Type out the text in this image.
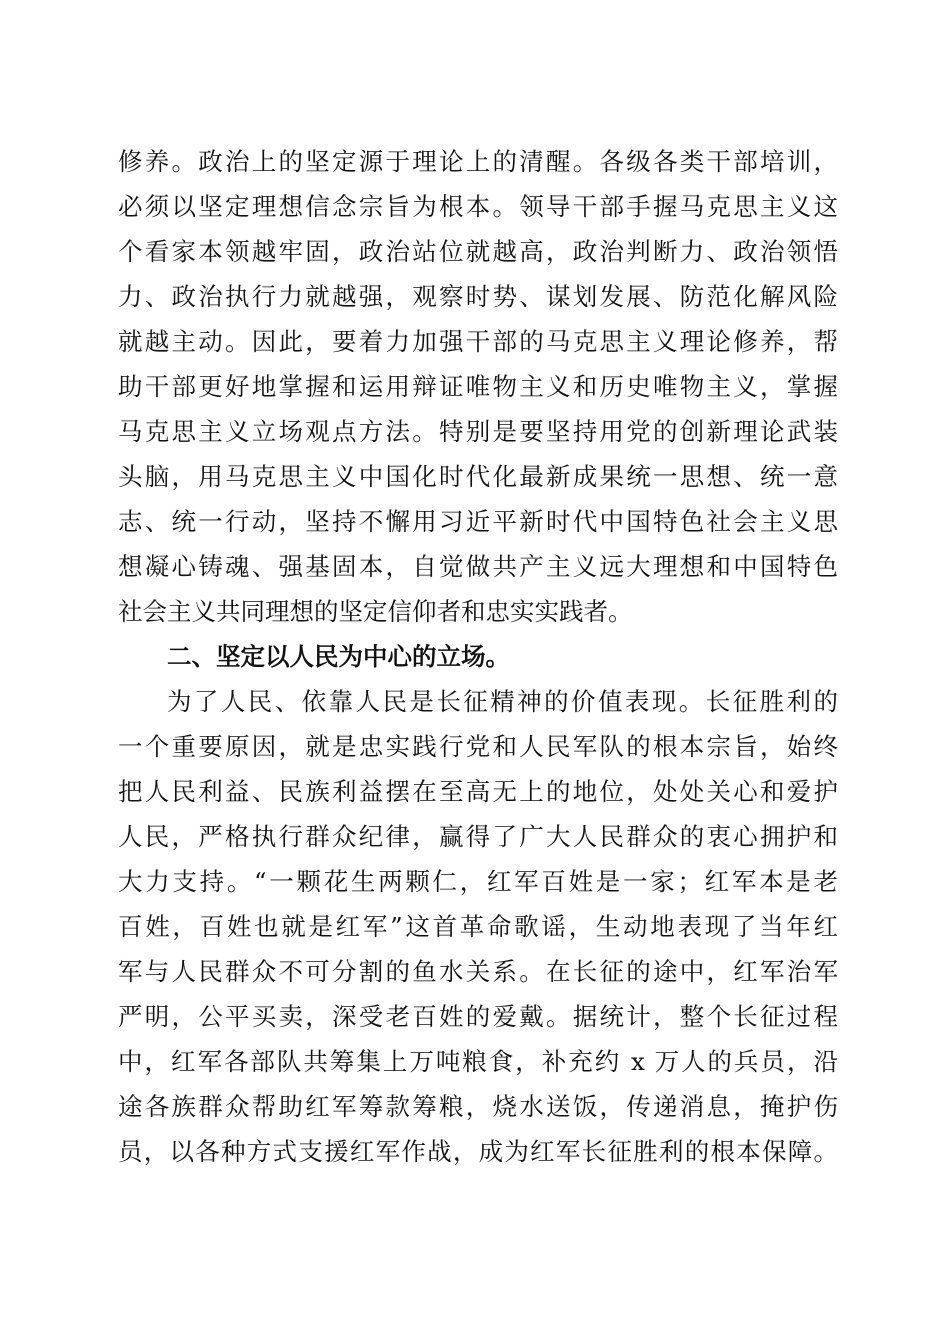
修养。政治上的坚定源于理论上的清醒。各级各类干部培训，
必须以坚定理想信念宗旨为根本。领导干部手握马克思主义这
个看家本领越牢固，政治站位就越高，政治判断力、政治领悟
力、政治执行力就越强，观察时势、谋划发展、防范化解风险
就越主动。因此，要着力加强干部的马克思主义理论修养，帮
助干部更好地掌握和运用辩证唯物主义和历史唯物主义，掌握
马克思主义立场观点方法。特别是要坚持用党的创新理论武装
头脑，用马克思主义中国化时代化最新成果统一思想、统一意
志、统一行动，坚持不懈用习近平新时代中国特色社会主义思
想凝心铸魂、强基固本，自觉做共产主义远大理想和中国特色
社会主义共同理想的坚定信仰者和忠实实践者。
二、坚定以人民为中心的立场。
为了人民、依靠人民是长征精神的价值表现。长征胜利的
一个重要原因，就是忠实践行党和人民军队的根本宗旨，始终
把人民利益、民族利益摆在至高无上的地位，处处关心和爱护
人民，严格执行群众纪律，赢得了广大人民群众的衷心拥护和
大力支持。“一颗花生两颗仁，红军百姓是一家；红军本是老
百姓，百姓也就是红军”这首革命歌谣，生动地表现了当年红
军与人民群众不可分割的鱼水关系。在长征的途中，红军治军
严明，公平买卖，深受老百姓的爱戴。据统计，整个长征过程
中，红军各部队共筹集上万吨粮食，补充约 x 万人的兵员，沿
途各族群众帮助红军筹款筹粮，烧水送饭，传递消息，掩护伤
员，以各种方式支援红军作战，成为红军长征胜利的根本保障。
